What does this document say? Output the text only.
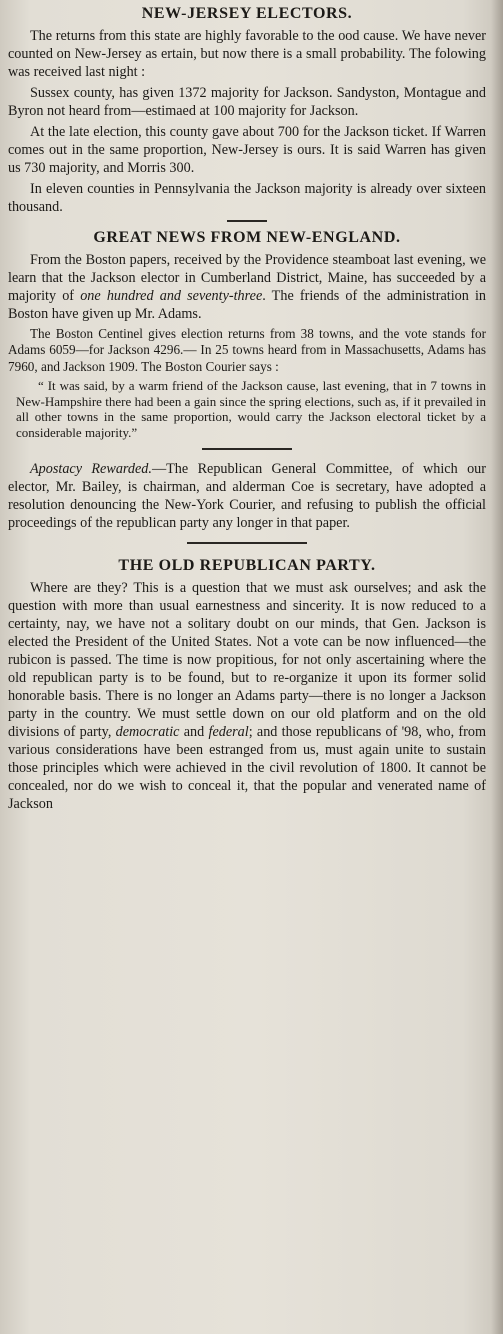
NEW-JERSEY ELECTORS.

The returns from this state are highly favorable to the ood cause. We have never counted on New-Jersey as ertain, but now there is a small probability. The folowing was received last night :

Sussex county, has given 1372 majority for Jackson. Sandyston, Montague and Byron not heard from—estimaed at 100 majority for Jackson.

At the late election, this county gave about 700 for the Jackson ticket. If Warren comes out in the same proportion, New-Jersey is ours. It is said Warren has given us 730 majority, and Morris 300.

In eleven counties in Pennsylvania the Jackson majority is already over sixteen thousand.

GREAT NEWS FROM NEW-ENGLAND.

From the Boston papers, received by the Providence steamboat last evening, we learn that the Jackson elector in Cumberland District, Maine, has succeeded by a majority of one hundred and seventy-three. The friends of the administration in Boston have given up Mr. Adams.

The Boston Centinel gives election returns from 38 towns, and the vote stands for Adams 6059—for Jackson 4296.— In 25 towns heard from in Massachusetts, Adams has 7960, and Jackson 1909. The Boston Courier says :

“ It was said, by a warm friend of the Jackson cause, last evening, that in 7 towns in New-Hampshire there had been a gain since the spring elections, such as, if it prevailed in all other towns in the same proportion, would carry the Jackson electoral ticket by a considerable majority.”

Apostacy Rewarded.—The Republican General Committee, of which our elector, Mr. Bailey, is chairman, and alderman Coe is secretary, have adopted a resolution denouncing the New-York Courier, and refusing to publish the official proceedings of the republican party any longer in that paper.

THE OLD REPUBLICAN PARTY.

Where are they? This is a question that we must ask ourselves; and ask the question with more than usual earnestness and sincerity. It is now reduced to a certainty, nay, we have not a solitary doubt on our minds, that Gen. Jackson is elected the President of the United States. Not a vote can be now influenced—the rubicon is passed. The time is now propitious, for not only ascertaining where the old republican party is to be found, but to re-organize it upon its former solid honorable basis. There is no longer an Adams party—there is no longer a Jackson party in the country. We must settle down on our old platform and on the old divisions of party, democratic and federal; and those republicans of '98, who, from various considerations have been estranged from us, must again unite to sustain those principles which were achieved in the civil revolution of 1800. It cannot be concealed, nor do we wish to conceal it, that the popular and venerated name of Jackson
